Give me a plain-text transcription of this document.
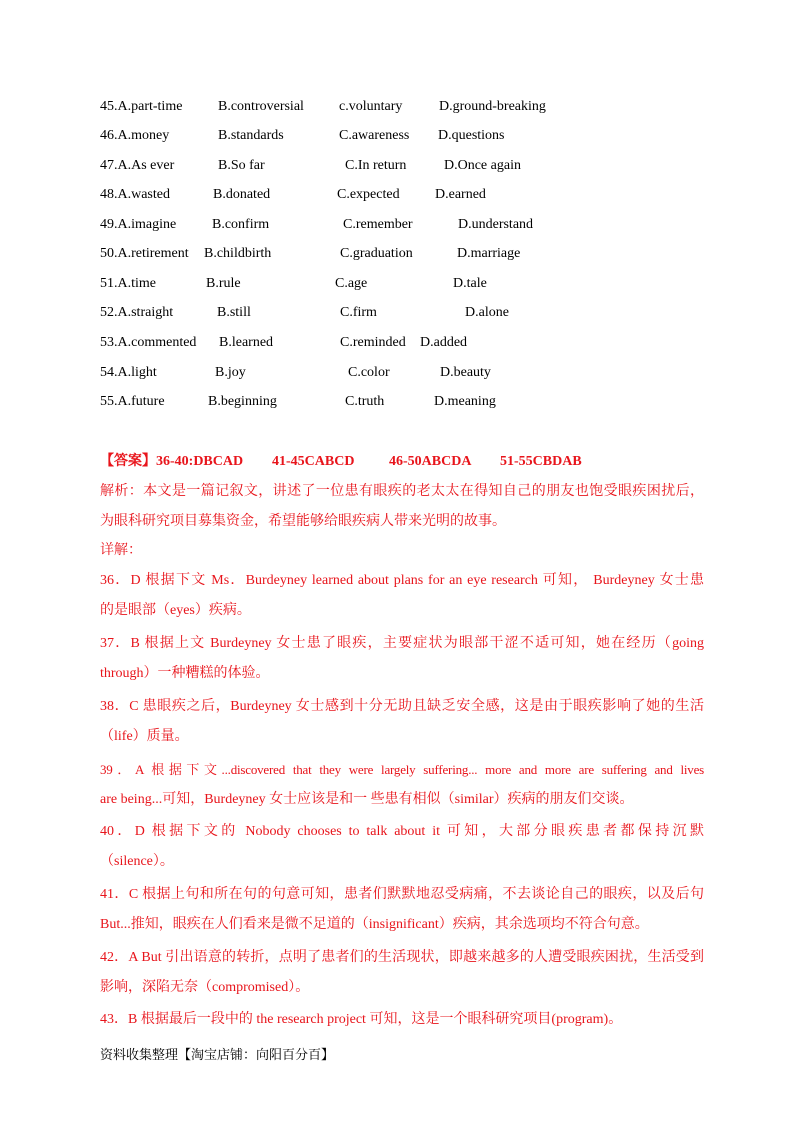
45.A.part-time	B.controversial	c.voluntary	D.ground-breaking
46.A.money	B.standards	C.awareness D.questions
47.A.As ever	B.So far	C.In return	D.Once again
48.A.wasted	B.donated	C.expected	D.earned
49.A.imagine	B.confirm	C.remember	D.understand
50.A.retirement B.childbirth	C.graduation	D.marriage
51.A.time	B.rule	C.age	D.tale
52.A.straight	B.still	C.firm	D.alone
53.A.commented B.learned	C.reminded D.added
54.A.light	B.joy	C.color	D.beauty
55.A.future	B.beginning	C.truth	D.meaning
【答案】36-40:DBCAD 41-45CABCD 46-50ABCDA 51-55CBDAB
解析：本文是一篇记叙文，讲述了一位患有眼疾的老太太在得知自己的朋友也饱受眼疾困扰后，
为眼科研究项目募集资金，希望能够给眼疾病人带来光明的故事。
详解：
36．D 根据下文 Ms．Burdeyney learned about plans for an eye research 可知， Burdeyney 女士患
的是眼部（eyes）疾病。
37．B 根据上文 Burdeyney 女士患了眼疾，主要症状为眼部干涩不适可知，她在经历（going
through）一种糟糕的体验。
38．C 患眼疾之后，Burdeyney 女士感到十分无助且缺乏安全感，这是由于眼疾影响了她的生活
（life）质量。
39．A 根据下文...discovered that they were largely suffering... more and more are suffering and lives
are being...可知，Burdeyney 女士应该是和一 些患有相似（similar）疾病的朋友们交谈。
40．D 根据下文的 Nobody chooses to talk about it 可知，大部分眼疾患者都保持沉默
（silence）。
41．C 根据上句和所在句的句意可知，患者们默默地忍受病痛，不去谈论自己的眼疾，以及后句
But...推知，眼疾在人们看来是微不足道的（insignificant）疾病，其余选项均不符合句意。
42．A But 引出语意的转折，点明了患者们的生活现状，即越来越多的人遭受眼疾困扰，生活受到
影响，深陷无奈（compromised）。
43．B 根据最后一段中的 the research project 可知，这是一个眼科研究项目(program)。
资料收集整理【淘宝店铺：向阳百分百】
